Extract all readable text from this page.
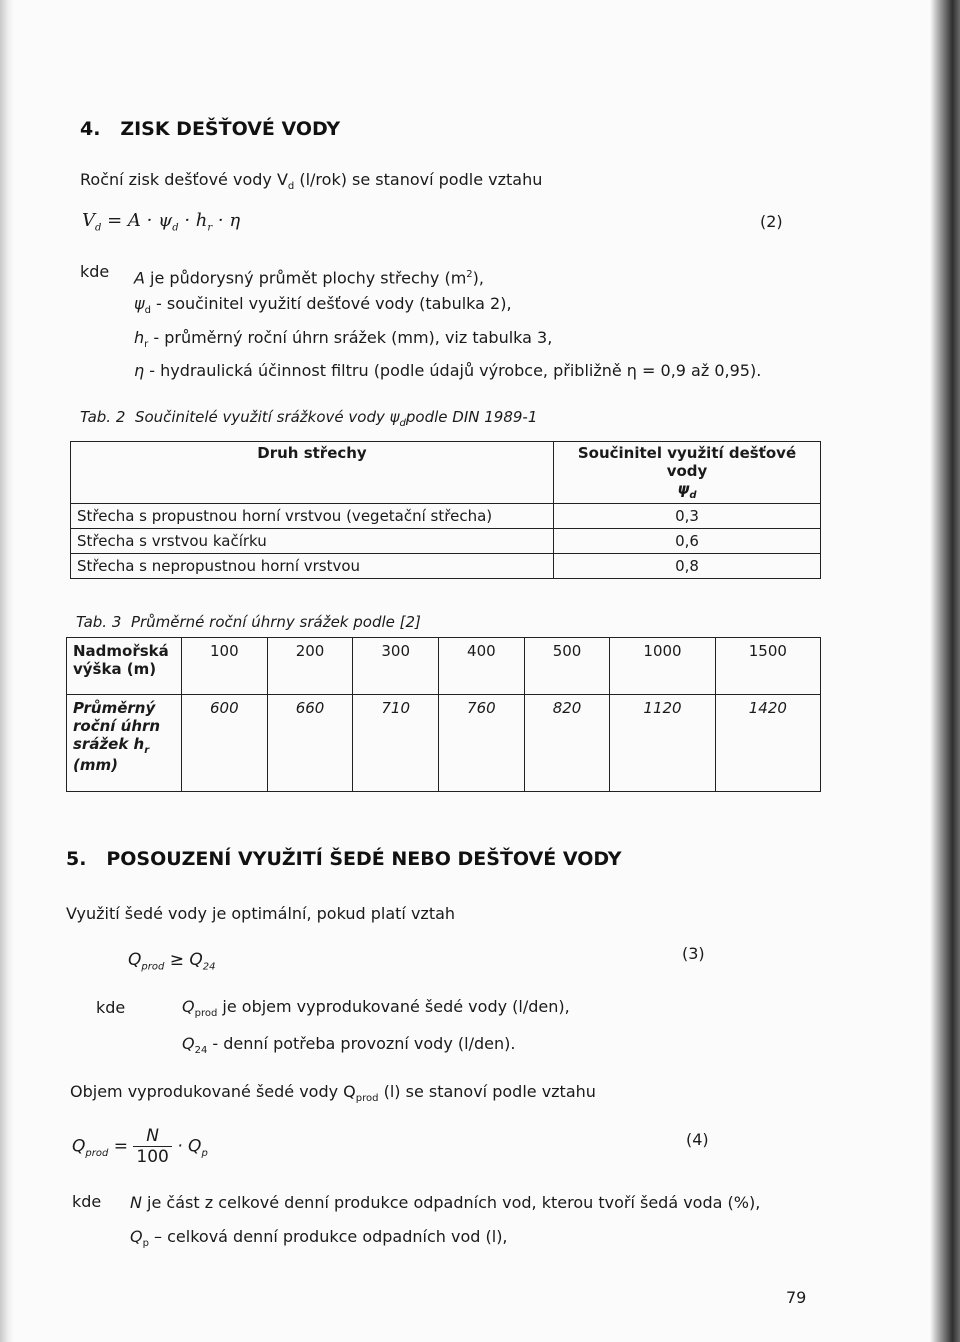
4. ZISK DEŠŤOVÉ VODY
Roční zisk dešťové vody $V_d$ (l/rok) se stanoví podle vztahu
$V_d = A \cdot \psi_d \cdot h_r \cdot \eta$	(2)
kde A je půdorysný průmět plochy střechy $(m^2)$,
$\psi_d$ - součinitel využití dešťové vody (tabulka 2),
$h_r$ - průměrný roční úhrn srážek (mm), viz tabulka 3,
η - hydraulická účinnost filtru (podle údajů výrobce, přibližně η = 0,9 až 0,95).
Tab. 2 Součinitelé využití srážkové vody $\psi_dpodle$ DIN 1989-1
Druh střechy	Součinitel využití dešťové vody
$\psi_d$

Střecha s propustnou horní vrstvou (vegetační střecha)	0,3
Střecha s vrstvou kačírku	0,6
Střecha s nepropustnou horní vrstvou	0,8
Tab. 3 Průměrné roční úhrny srážek podle [2]
Nadmořská výška (m)	100	200	300	400	500	1000	1500
Průměrný roční úhrn srážek $h_r$ (mm)	600	660	710	760	820	1120	1420
5. POSOUZENÍ VYUŽITÍ ŠEDÉ NEBO DEŠŤOVÉ VODY
Využití šedé vody je optimální, pokud platí vztah
$Q_{prod} \ge Q_{24}$
(3)
kde	$Q_{prod}$ je objem vyprodukované šedé vody (l/den),
$Q_{24}$ - denní potřeba provozní vody (l/den).
Objem vyprodukované šedé vody $Q_{prod}$ (l) se stanoví podle vztahu
$Q_{prod} = \frac{N}{100} \cdot Q_p$
(4)
kde N je část z celkové denní produkce odpadních vod, kterou tvoří šedá voda (%),
$Q_p$ – celková denní produkce odpadních vod (l),
79
